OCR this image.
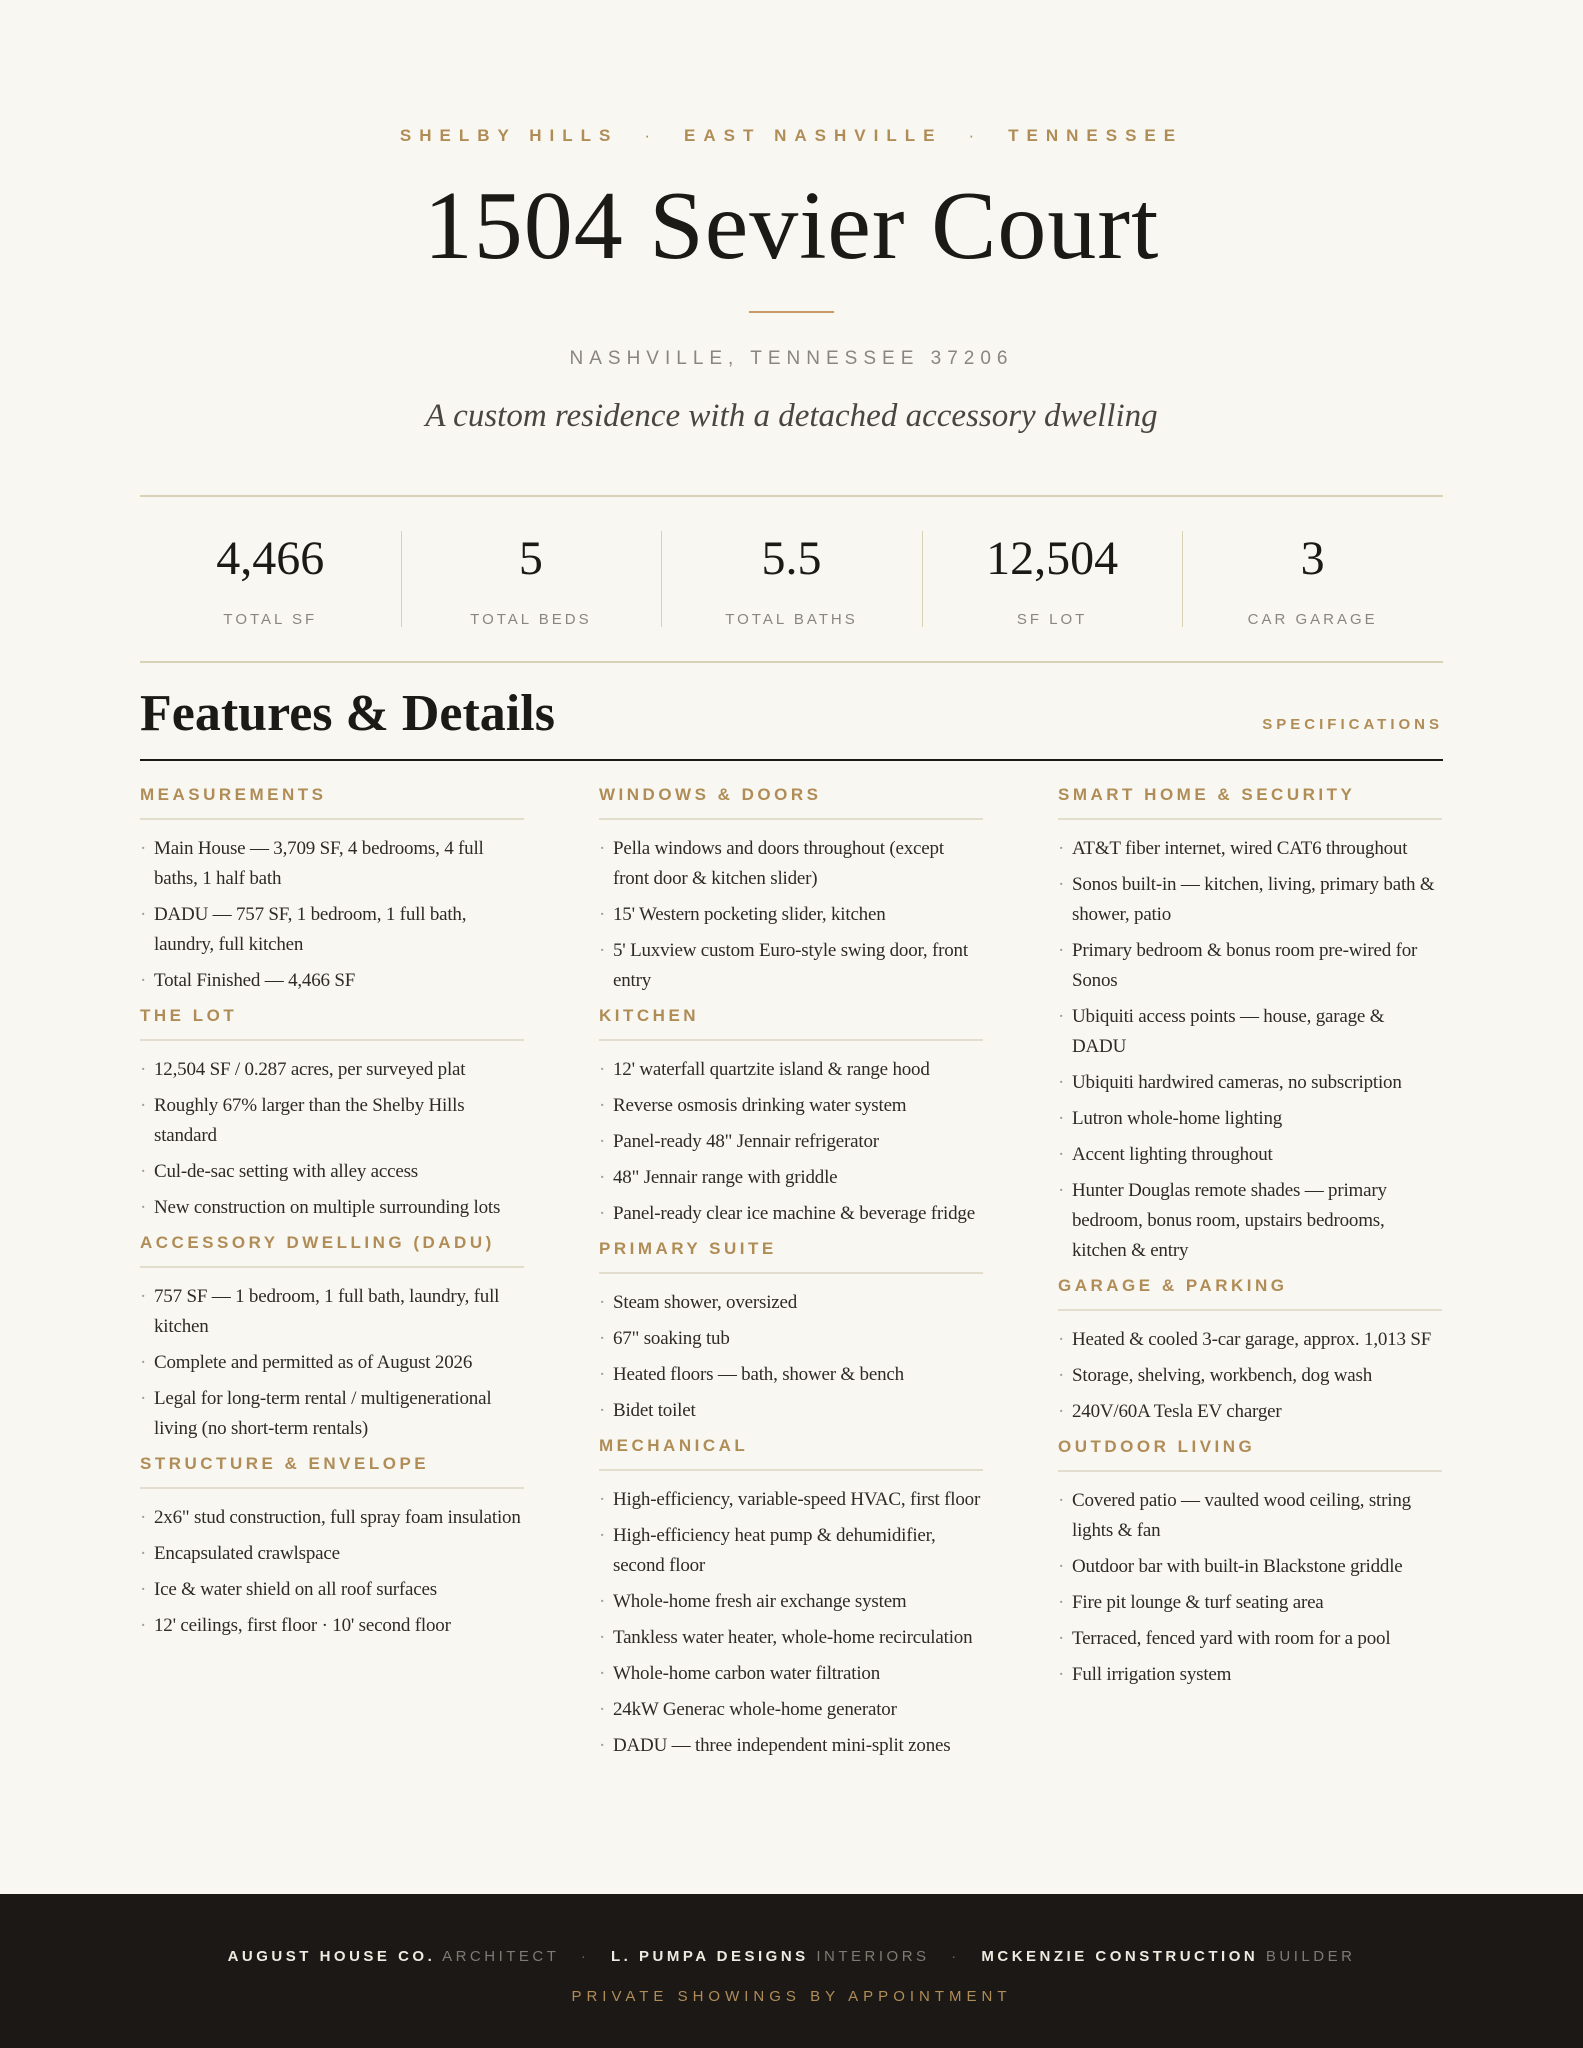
SHELBY HILLS · EAST NASHVILLE · TENNESSEE
1504 Sevier Court
NASHVILLE, TENNESSEE 37206
A custom residence with a detached accessory dwelling
4,466
TOTAL SF
5
TOTAL BEDS
5.5
TOTAL BATHS
12,504
SF LOT
3
CAR GARAGE
Features & Details	SPECIFICATIONS
MEASUREMENTS
· Main House — 3,709 SF, 4 bedrooms, 4 full baths, 1 half bath
· DADU — 757 SF, 1 bedroom, 1 full bath, laundry, full kitchen
· Total Finished — 4,466 SF
THE LOT
· 12,504 SF / 0.287 acres, per surveyed plat
· Roughly 67% larger than the Shelby Hills standard
· Cul-de-sac setting with alley access
· New construction on multiple surrounding lots
ACCESSORY DWELLING (DADU)
· 757 SF — 1 bedroom, 1 full bath, laundry, full kitchen
· Complete and permitted as of August 2026
· Legal for long-term rental / multigenerational living (no short-term rentals)
STRUCTURE & ENVELOPE
· 2x6" stud construction, full spray foam insulation
· Encapsulated crawlspace
· Ice & water shield on all roof surfaces
· 12' ceilings, first floor · 10' second floor
WINDOWS & DOORS
· Pella windows and doors throughout (except front door & kitchen slider)
· 15' Western pocketing slider, kitchen
· 5' Luxview custom Euro-style swing door, front entry
KITCHEN
· 12' waterfall quartzite island & range hood
· Reverse osmosis drinking water system
· Panel-ready 48" Jennair refrigerator
· 48" Jennair range with griddle
· Panel-ready clear ice machine & beverage fridge
PRIMARY SUITE
· Steam shower, oversized
· 67" soaking tub
· Heated floors — bath, shower & bench
· Bidet toilet
MECHANICAL
· High-efficiency, variable-speed HVAC, first floor
· High-efficiency heat pump & dehumidifier, second floor
· Whole-home fresh air exchange system
· Tankless water heater, whole-home recirculation
· Whole-home carbon water filtration
· 24kW Generac whole-home generator
· DADU — three independent mini-split zones
SMART HOME & SECURITY
· AT&T fiber internet, wired CAT6 throughout
· Sonos built-in — kitchen, living, primary bath & shower, patio
· Primary bedroom & bonus room pre-wired for Sonos
· Ubiquiti access points — house, garage & DADU
· Ubiquiti hardwired cameras, no subscription
· Lutron whole-home lighting
· Accent lighting throughout
· Hunter Douglas remote shades — primary bedroom, bonus room, upstairs bedrooms, kitchen & entry
GARAGE & PARKING
· Heated & cooled 3-car garage, approx. 1,013 SF
· Storage, shelving, workbench, dog wash
· 240V/60A Tesla EV charger
OUTDOOR LIVING
· Covered patio — vaulted wood ceiling, string lights & fan
· Outdoor bar with built-in Blackstone griddle
· Fire pit lounge & turf seating area
· Terraced, fenced yard with room for a pool
· Full irrigation system
AUGUST HOUSE CO. ARCHITECT · L. PUMPA DESIGNS INTERIORS · MCKENZIE CONSTRUCTION BUILDER
PRIVATE SHOWINGS BY APPOINTMENT
